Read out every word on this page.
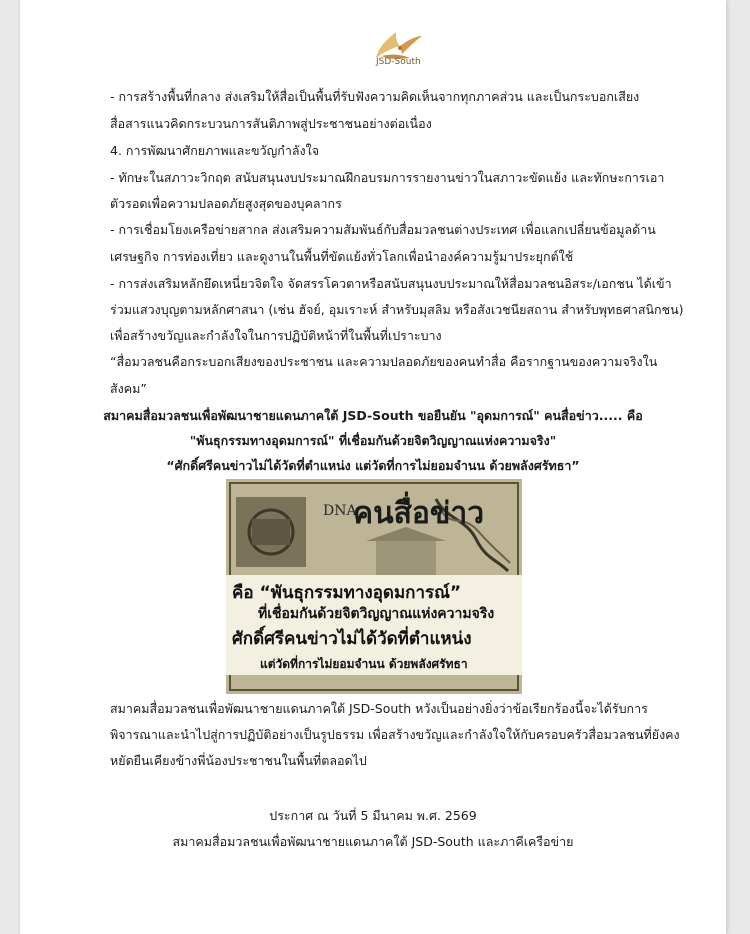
JSD-South
- การสร้างพื้นที่กลาง ส่งเสริมให้สื่อเป็นพื้นที่รับฟังความคิดเห็นจากทุกภาคส่วน และเป็นกระบอกเสียง
สื่อสารแนวคิดกระบวนการสันติภาพสู่ประชาชนอย่างต่อเนื่อง
4. การพัฒนาศักยภาพและขวัญกำลังใจ
- ทักษะในสภาวะวิกฤต สนับสนุนงบประมาณฝึกอบรมการรายงานข่าวในสภาวะขัดแย้ง และทักษะการเอา
ตัวรอดเพื่อความปลอดภัยสูงสุดของบุคลากร
- การเชื่อมโยงเครือข่ายสากล ส่งเสริมความสัมพันธ์กับสื่อมวลชนต่างประเทศ เพื่อแลกเปลี่ยนข้อมูลด้าน
เศรษฐกิจ การท่องเที่ยว และดูงานในพื้นที่ขัดแย้งทั่วโลกเพื่อนำองค์ความรู้มาประยุกต์ใช้
- การส่งเสริมหลักยึดเหนี่ยวจิตใจ จัดสรรโควตาหรือสนับสนุนงบประมาณให้สื่อมวลชนอิสระ/เอกชน ได้เข้า
ร่วมแสวงบุญตามหลักศาสนา (เช่น ฮัจย์, อุมเราะห์ สำหรับมุสลิม หรือสังเวชนียสถาน สำหรับพุทธศาสนิกชน)
เพื่อสร้างขวัญและกำลังใจในการปฏิบัติหน้าที่ในพื้นที่เปราะบาง
“สื่อมวลชนคือกระบอกเสียงของประชาชน และความปลอดภัยของคนทำสื่อ คือรากฐานของความจริงใน
สังคม”
สมาคมสื่อมวลชนเพื่อพัฒนาชายแดนภาคใต้ JSD-South ขอยืนยัน "อุดมการณ์" คนสื่อข่าว..... คือ
"พันธุกรรมทางอุดมการณ์" ที่เชื่อมกันด้วยจิตวิญญาณแห่งความจริง"
“ศักดิ์ศรีคนข่าวไม่ได้วัดที่ตำแหน่ง แต่วัดที่การไม่ยอมจำนน ด้วยพลังศรัทธา”
DNA
คนสื่อข่าว
คือ “พันธุกรรมทางอุดมการณ์”
ที่เชื่อมกันด้วยจิตวิญญาณแห่งความจริง
ศักดิ์ศรีคนข่าวไม่ได้วัดที่ตำแหน่ง
แต่วัดที่การไม่ยอมจำนน ด้วยพลังศรัทธา
สมาคมสื่อมวลชนเพื่อพัฒนาชายแดนภาคใต้ JSD-South หวังเป็นอย่างยิ่งว่าข้อเรียกร้องนี้จะได้รับการ
พิจารณาและนำไปสู่การปฏิบัติอย่างเป็นรูปธรรม เพื่อสร้างขวัญและกำลังใจให้กับครอบครัวสื่อมวลชนที่ยังคง
หยัดยืนเคียงข้างพี่น้องประชาชนในพื้นที่ตลอดไป
ประกาศ ณ วันที่ 5 มีนาคม พ.ศ. 2569
สมาคมสื่อมวลชนเพื่อพัฒนาชายแดนภาคใต้ JSD-South และภาคีเครือข่าย
